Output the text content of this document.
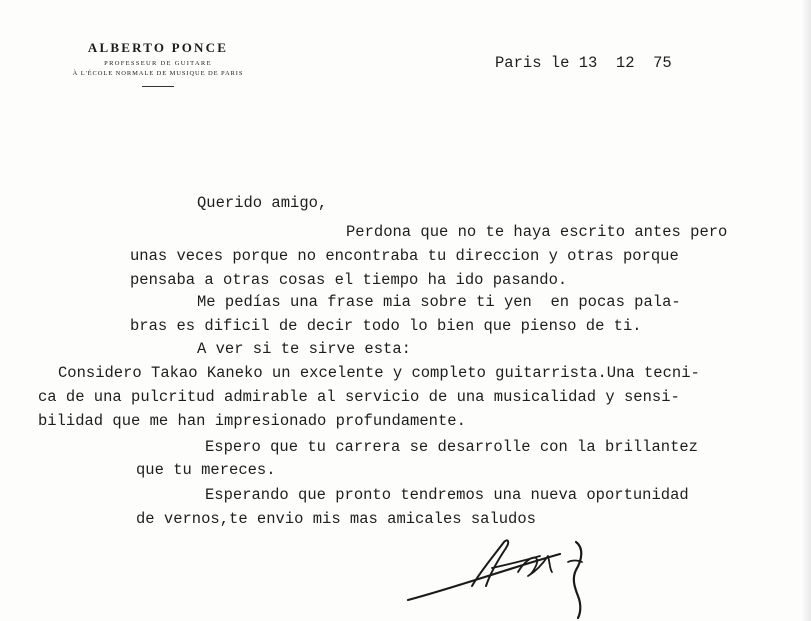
ALBERTO PONCE
PROFESSEUR DE GUITARE
À L'ÉCOLE NORMALE DE MUSIQUE DE PARIS
Paris le 13  12  75
Querido amigo,
Perdona que no te haya escrito antes pero
unas veces porque no encontraba tu direccion y otras porque
pensaba a otras cosas el tiempo ha ido pasando.
Me pedías una frase mia sobre ti yen  en pocas pala-
bras es dificil de decir todo lo bien que pienso de ti.
A ver si te sirve esta:
Considero Takao Kaneko un excelente y completo guitarrista.Una tecni-
ca de una pulcritud admirable al servicio de una musicalidad y sensi-
bilidad que me han impresionado profundamente.
Espero que tu carrera se desarrolle con la brillantez
que tu mereces.
Esperando que pronto tendremos una nueva oportunidad
de vernos,te envio mis mas amicales saludos
